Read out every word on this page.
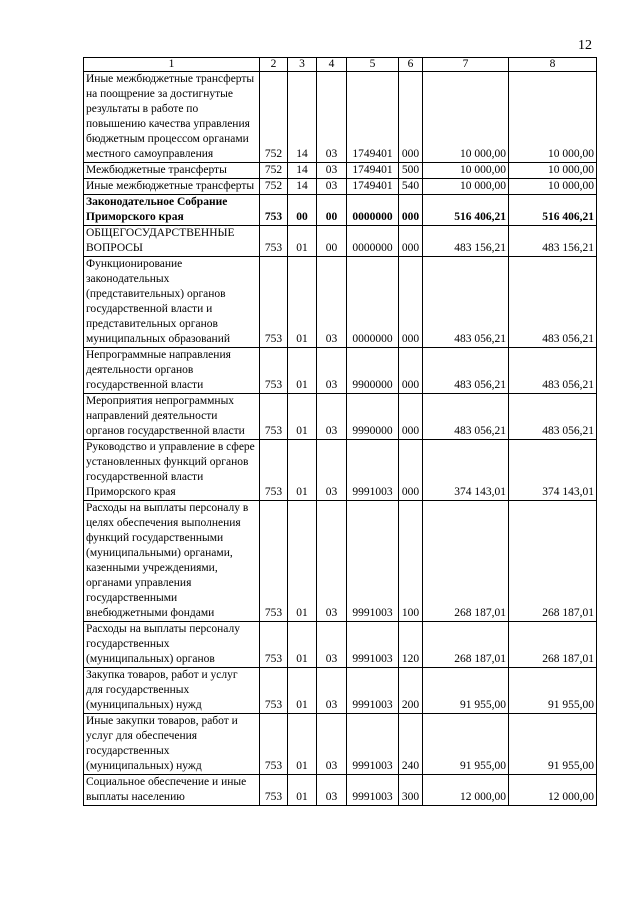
12
1	2	3	4	5	6	7	8
Иные межбюджетные трансферты на поощрение за достигнутые результаты в работе по повышению качества управления бюджетным процессом органами местного самоуправления	752	14	03	1749401	000	10 000,00	10 000,00
Межбюджетные трансферты	752	14	03	1749401	500	10 000,00	10 000,00
Иные межбюджетные трансферты	752	14	03	1749401	540	10 000,00	10 000,00
Законодательное Собрание Приморского края	753	00	00	0000000	000	516 406,21	516 406,21
ОБЩЕГОСУДАРСТВЕННЫЕ ВОПРОСЫ	753	01	00	0000000	000	483 156,21	483 156,21
Функционирование законодательных (представительных) органов государственной власти и представительных органов муниципальных образований	753	01	03	0000000	000	483 056,21	483 056,21
Непрограммные направления деятельности органов государственной власти	753	01	03	9900000	000	483 056,21	483 056,21
Мероприятия непрограммных направлений деятельности органов государственной власти	753	01	03	9990000	000	483 056,21	483 056,21
Руководство и управление в сфере установленных функций органов государственной власти Приморского края	753	01	03	9991003	000	374 143,01	374 143,01
Расходы на выплаты персоналу в целях обеспечения выполнения функций государственными (муниципальными) органами, казенными учреждениями, органами управления государственными внебюджетными фондами	753	01	03	9991003	100	268 187,01	268 187,01
Расходы на выплаты персоналу государственных (муниципальных) органов	753	01	03	9991003	120	268 187,01	268 187,01
Закупка товаров, работ и услуг для государственных (муниципальных) нужд	753	01	03	9991003	200	91 955,00	91 955,00
Иные закупки товаров, работ и услуг для обеспечения государственных (муниципальных) нужд	753	01	03	9991003	240	91 955,00	91 955,00
Социальное обеспечение и иные выплаты населению	753	01	03	9991003	300	12 000,00	12 000,00
